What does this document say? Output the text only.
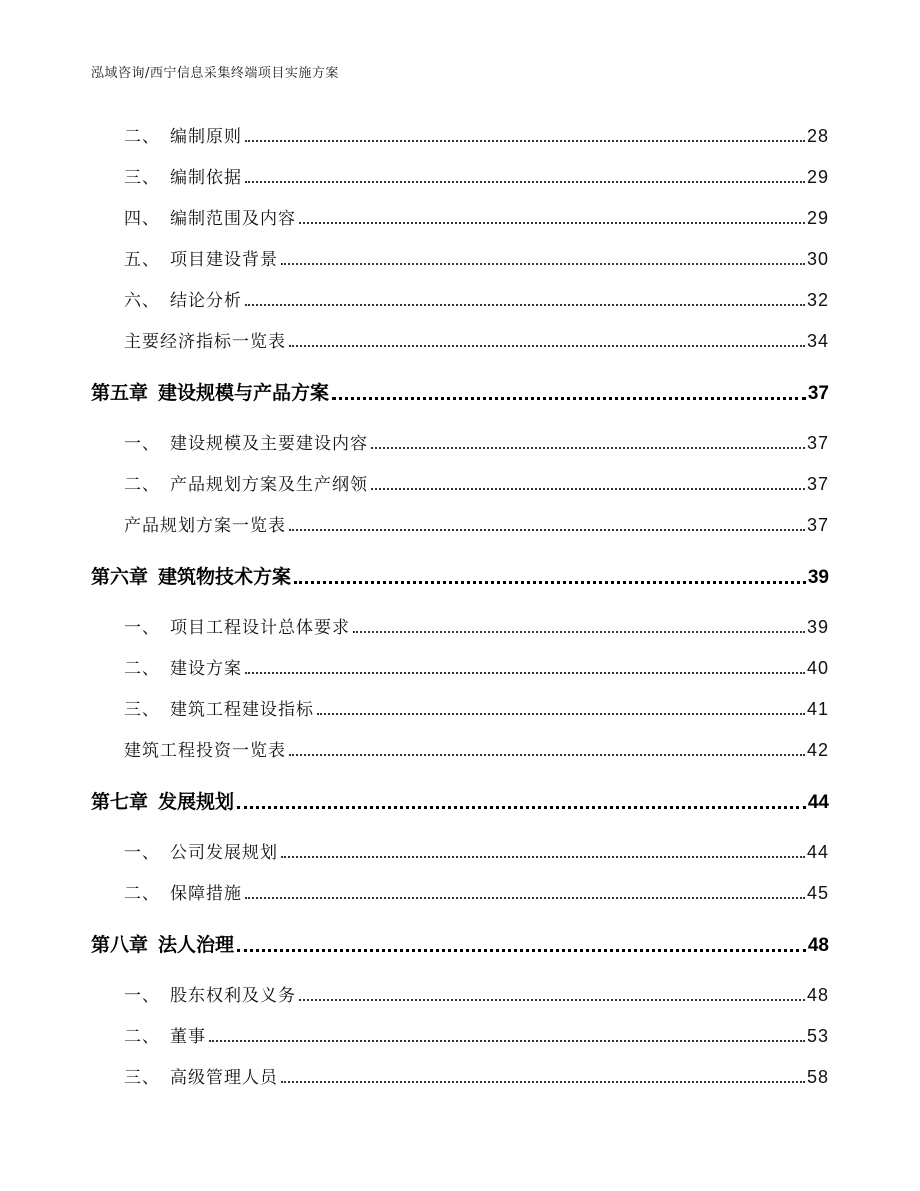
泓域咨询/西宁信息采集终端项目实施方案
二、 编制原则	28
三、 编制依据	29
四、 编制范围及内容	29
五、 项目建设背景	30
六、 结论分析	32
主要经济指标一览表	34
第五章 建设规模与产品方案	37
一、 建设规模及主要建设内容	37
二、 产品规划方案及生产纲领	37
产品规划方案一览表	37
第六章 建筑物技术方案	39
一、 项目工程设计总体要求	39
二、 建设方案	40
三、 建筑工程建设指标	41
建筑工程投资一览表	42
第七章 发展规划	44
一、 公司发展规划	44
二、 保障措施	45
第八章 法人治理	48
一、 股东权利及义务	48
二、 董事	53
三、 高级管理人员	58
